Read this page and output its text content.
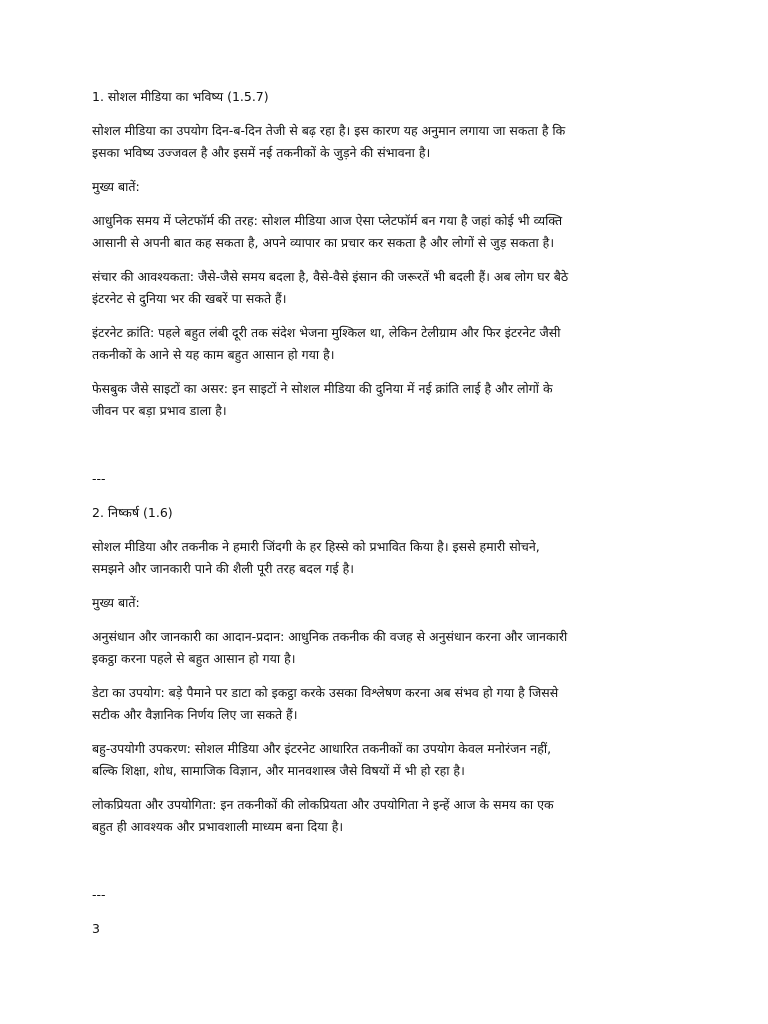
1. सोशल मीडिया का भविष्य (1.5.7)

सोशल मीडिया का उपयोग दिन-ब-दिन तेजी से बढ़ रहा है। इस कारण यह अनुमान लगाया जा सकता है कि

इसका भविष्य उज्जवल है और इसमें नई तकनीकों के जुड़ने की संभावना है।

मुख्य बातें:

आधुनिक समय में प्लेटफॉर्म की तरह: सोशल मीडिया आज ऐसा प्लेटफॉर्म बन गया है जहां कोई भी व्यक्ति

आसानी से अपनी बात कह सकता है, अपने व्यापार का प्रचार कर सकता है और लोगों से जुड़ सकता है।

संचार की आवश्यकता: जैसे-जैसे समय बदला है, वैसे-वैसे इंसान की जरूरतें भी बदली हैं। अब लोग घर बैठे

इंटरनेट से दुनिया भर की खबरें पा सकते हैं।

इंटरनेट क्रांति: पहले बहुत लंबी दूरी तक संदेश भेजना मुश्किल था, लेकिन टेलीग्राम और फिर इंटरनेट जैसी

तकनीकों के आने से यह काम बहुत आसान हो गया है।

फेसबुक जैसे साइटों का असर: इन साइटों ने सोशल मीडिया की दुनिया में नई क्रांति लाई है और लोगों के

जीवन पर बड़ा प्रभाव डाला है।

---

2. निष्कर्ष (1.6)

सोशल मीडिया और तकनीक ने हमारी जिंदगी के हर हिस्से को प्रभावित किया है। इससे हमारी सोचने,

समझने और जानकारी पाने की शैली पूरी तरह बदल गई है।

मुख्य बातें:

अनुसंधान और जानकारी का आदान-प्रदान: आधुनिक तकनीक की वजह से अनुसंधान करना और जानकारी

इकट्ठा करना पहले से बहुत आसान हो गया है।

डेटा का उपयोग: बड़े पैमाने पर डाटा को इकट्ठा करके उसका विश्लेषण करना अब संभव हो गया है जिससे

सटीक और वैज्ञानिक निर्णय लिए जा सकते हैं।

बहु-उपयोगी उपकरण: सोशल मीडिया और इंटरनेट आधारित तकनीकों का उपयोग केवल मनोरंजन नहीं,

बल्कि शिक्षा, शोध, सामाजिक विज्ञान, और मानवशास्त्र जैसे विषयों में भी हो रहा है।

लोकप्रियता और उपयोगिता: इन तकनीकों की लोकप्रियता और उपयोगिता ने इन्हें आज के समय का एक

बहुत ही आवश्यक और प्रभावशाली माध्यम बना दिया है।

---

3
